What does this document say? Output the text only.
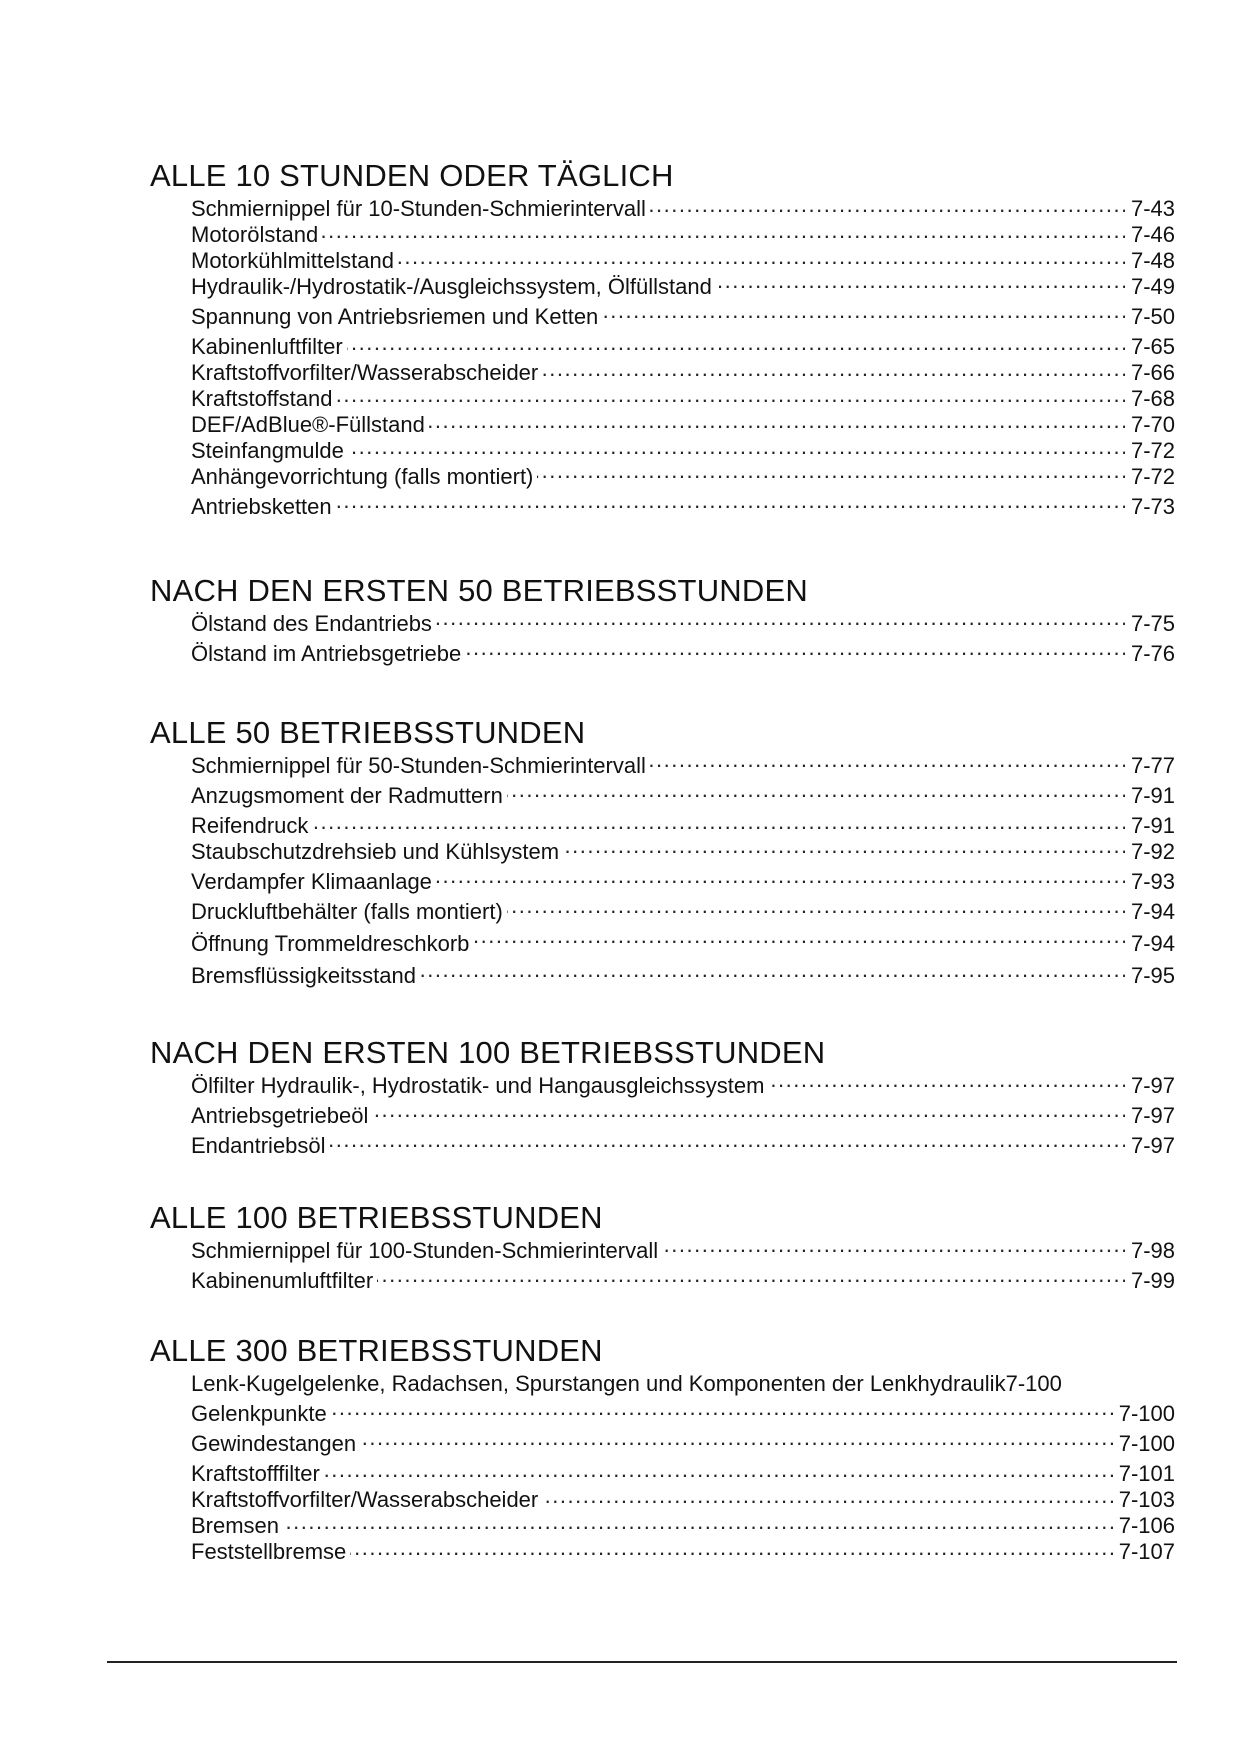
ALLE 10 STUNDEN ODER TÄGLICH
Schmiernippel für 10-Stunden-Schmierintervall . . .	7-43
Motorölstand . . .	7-46
Motorkühlmittelstand . . .	7-48
Hydraulik-/Hydrostatik-/Ausgleichssystem, Ölfüllstand . . .	7-49
Spannung von Antriebsriemen und Ketten . . .	7-50
Kabinenluftfilter . . .	7-65
Kraftstoffvorfilter/Wasserabscheider . . .	7-66
Kraftstoffstand . . .	7-68
DEF/AdBlue®-Füllstand . . .	7-70
Steinfangmulde . . .	7-72
Anhängevorrichtung (falls montiert) . . .	7-72
Antriebsketten . . .	7-73
NACH DEN ERSTEN 50 BETRIEBSSTUNDEN
Ölstand des Endantriebs . . .	7-75
Ölstand im Antriebsgetriebe . . .	7-76
ALLE 50 BETRIEBSSTUNDEN
Schmiernippel für 50-Stunden-Schmierintervall . . .	7-77
Anzugsmoment der Radmuttern . . .	7-91
Reifendruck . . .	7-91
Staubschutzdrehsieb und Kühlsystem . . .	7-92
Verdampfer Klimaanlage . . .	7-93
Druckluftbehälter (falls montiert) . . .	7-94
Öffnung Trommeldreschkorb . . .	7-94
Bremsflüssigkeitsstand . . .	7-95
NACH DEN ERSTEN 100 BETRIEBSSTUNDEN
Ölfilter Hydraulik-, Hydrostatik- und Hangausgleichssystem . . .	7-97
Antriebsgetriebeöl . . .	7-97
Endantriebsöl . . .	7-97
ALLE 100 BETRIEBSSTUNDEN
Schmiernippel für 100-Stunden-Schmierintervall . . .	7-98
Kabinenumluftfilter . . .	7-99
ALLE 300 BETRIEBSSTUNDEN
Lenk-Kugelgelenke, Radachsen, Spurstangen und Komponenten der Lenkhydraulik 7-100
Gelenkpunkte . . .	7-100
Gewindestangen . . .	7-100
Kraftstofffilter . . .	7-101
Kraftstoffvorfilter/Wasserabscheider . . .	7-103
Bremsen . . .	7-106
Feststellbremse . . .	7-107
